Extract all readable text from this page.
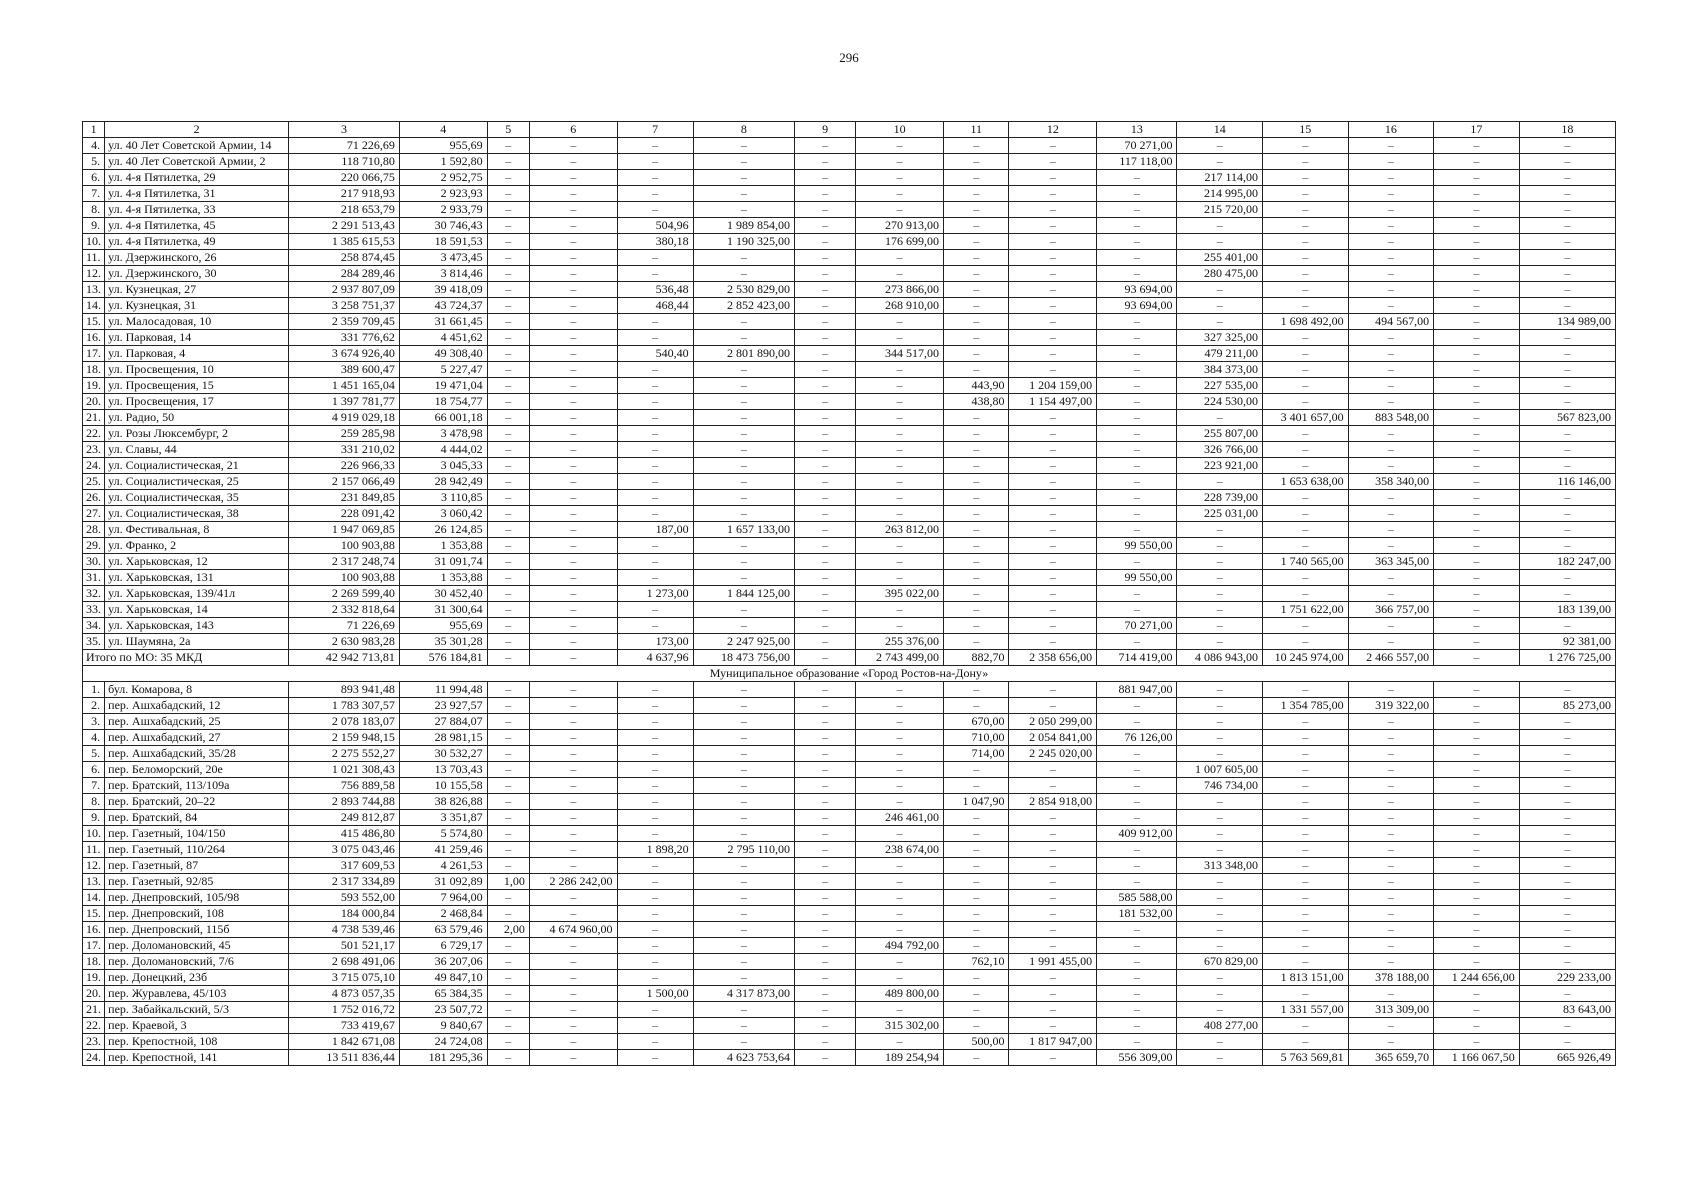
296
1	2	3	4	5	6	7	8	9	10	11	12	13	14	15	16	17	18
4.	ул. 40 Лет Советской Армии, 14	71 226,69	955,69	–	–	–	–	–	–	–	–	70 271,00	–	–	–	–	–
5.	ул. 40 Лет Советской Армии, 2	118 710,80	1 592,80	–	–	–	–	–	–	–	–	117 118,00	–	–	–	–	–
6.	ул. 4-я Пятилетка, 29	220 066,75	2 952,75	–	–	–	–	–	–	–	–	–	217 114,00	–	–	–	–
7.	ул. 4-я Пятилетка, 31	217 918,93	2 923,93	–	–	–	–	–	–	–	–	–	214 995,00	–	–	–	–
8.	ул. 4-я Пятилетка, 33	218 653,79	2 933,79	–	–	–	–	–	–	–	–	–	215 720,00	–	–	–	–
9.	ул. 4-я Пятилетка, 45	2 291 513,43	30 746,43	–	–	504,96	1 989 854,00	–	270 913,00	–	–	–	–	–	–	–	–
10.	ул. 4-я Пятилетка, 49	1 385 615,53	18 591,53	–	–	380,18	1 190 325,00	–	176 699,00	–	–	–	–	–	–	–	–
11.	ул. Дзержинского, 26	258 874,45	3 473,45	–	–	–	–	–	–	–	–	–	255 401,00	–	–	–	–
12.	ул. Дзержинского, 30	284 289,46	3 814,46	–	–	–	–	–	–	–	–	–	280 475,00	–	–	–	–
13.	ул. Кузнецкая, 27	2 937 807,09	39 418,09	–	–	536,48	2 530 829,00	–	273 866,00	–	–	93 694,00	–	–	–	–	–
14.	ул. Кузнецкая, 31	3 258 751,37	43 724,37	–	–	468,44	2 852 423,00	–	268 910,00	–	–	93 694,00	–	–	–	–	–
15.	ул. Малосадовая, 10	2 359 709,45	31 661,45	–	–	–	–	–	–	–	–	–	–	1 698 492,00	494 567,00	–	134 989,00
16.	ул. Парковая, 14	331 776,62	4 451,62	–	–	–	–	–	–	–	–	–	327 325,00	–	–	–	–
17.	ул. Парковая, 4	3 674 926,40	49 308,40	–	–	540,40	2 801 890,00	–	344 517,00	–	–	–	479 211,00	–	–	–	–
18.	ул. Просвещения, 10	389 600,47	5 227,47	–	–	–	–	–	–	–	–	–	384 373,00	–	–	–	–
19.	ул. Просвещения, 15	1 451 165,04	19 471,04	–	–	–	–	–	–	443,90	1 204 159,00	–	227 535,00	–	–	–	–
20.	ул. Просвещения, 17	1 397 781,77	18 754,77	–	–	–	–	–	–	438,80	1 154 497,00	–	224 530,00	–	–	–	–
21.	ул. Радио, 50	4 919 029,18	66 001,18	–	–	–	–	–	–	–	–	–	–	3 401 657,00	883 548,00	–	567 823,00
22.	ул. Розы Люксембург, 2	259 285,98	3 478,98	–	–	–	–	–	–	–	–	–	255 807,00	–	–	–	–
23.	ул. Славы, 44	331 210,02	4 444,02	–	–	–	–	–	–	–	–	–	326 766,00	–	–	–	–
24.	ул. Социалистическая, 21	226 966,33	3 045,33	–	–	–	–	–	–	–	–	–	223 921,00	–	–	–	–
25.	ул. Социалистическая, 25	2 157 066,49	28 942,49	–	–	–	–	–	–	–	–	–	–	1 653 638,00	358 340,00	–	116 146,00
26.	ул. Социалистическая, 35	231 849,85	3 110,85	–	–	–	–	–	–	–	–	–	228 739,00	–	–	–	–
27.	ул. Социалистическая, 38	228 091,42	3 060,42	–	–	–	–	–	–	–	–	–	225 031,00	–	–	–	–
28.	ул. Фестивальная, 8	1 947 069,85	26 124,85	–	–	187,00	1 657 133,00	–	263 812,00	–	–	–	–	–	–	–	–
29.	ул. Франко, 2	100 903,88	1 353,88	–	–	–	–	–	–	–	–	99 550,00	–	–	–	–	–
30.	ул. Харьковская, 12	2 317 248,74	31 091,74	–	–	–	–	–	–	–	–	–	–	1 740 565,00	363 345,00	–	182 247,00
31.	ул. Харьковская, 131	100 903,88	1 353,88	–	–	–	–	–	–	–	–	99 550,00	–	–	–	–	–
32.	ул. Харьковская, 139/41л	2 269 599,40	30 452,40	–	–	1 273,00	1 844 125,00	–	395 022,00	–	–	–	–	–	–	–	–
33.	ул. Харьковская, 14	2 332 818,64	31 300,64	–	–	–	–	–	–	–	–	–	–	1 751 622,00	366 757,00	–	183 139,00
34.	ул. Харьковская, 143	71 226,69	955,69	–	–	–	–	–	–	–	–	70 271,00	–	–	–	–	–
35.	ул. Шаумяна, 2а	2 630 983,28	35 301,28	–	–	173,00	2 247 925,00	–	255 376,00	–	–	–	–	–	–	–	92 381,00
Итого по МО: 35 МКД		42 942 713,81	576 184,81	–	–	4 637,96	18 473 756,00	–	2 743 499,00	882,70	2 358 656,00	714 419,00	4 086 943,00	10 245 974,00	2 466 557,00	–	1 276 725,00
Муниципальное образование «Город Ростов-на-Дону»																	
1.	бул. Комарова, 8	893 941,48	11 994,48	–	–	–	–	–	–	–	–	881 947,00	–	–	–	–	–
2.	пер. Ашхабадский, 12	1 783 307,57	23 927,57	–	–	–	–	–	–	–	–	–	–	1 354 785,00	319 322,00	–	85 273,00
3.	пер. Ашхабадский, 25	2 078 183,07	27 884,07	–	–	–	–	–	–	670,00	2 050 299,00	–	–	–	–	–	–
4.	пер. Ашхабадский, 27	2 159 948,15	28 981,15	–	–	–	–	–	–	710,00	2 054 841,00	76 126,00	–	–	–	–	–
5.	пер. Ашхабадский, 35/28	2 275 552,27	30 532,27	–	–	–	–	–	–	714,00	2 245 020,00	–	–	–	–	–	–
6.	пер. Беломорский, 20е	1 021 308,43	13 703,43	–	–	–	–	–	–	–	–	–	1 007 605,00	–	–	–	–
7.	пер. Братский, 113/109а	756 889,58	10 155,58	–	–	–	–	–	–	–	–	–	746 734,00	–	–	–	–
8.	пер. Братский, 20–22	2 893 744,88	38 826,88	–	–	–	–	–	–	1 047,90	2 854 918,00	–	–	–	–	–	–
9.	пер. Братский, 84	249 812,87	3 351,87	–	–	–	–	–	246 461,00	–	–	–	–	–	–	–	–
10.	пер. Газетный, 104/150	415 486,80	5 574,80	–	–	–	–	–	–	–	–	409 912,00	–	–	–	–	–
11.	пер. Газетный, 110/264	3 075 043,46	41 259,46	–	–	1 898,20	2 795 110,00	–	238 674,00	–	–	–	–	–	–	–	–
12.	пер. Газетный, 87	317 609,53	4 261,53	–	–	–	–	–	–	–	–	–	313 348,00	–	–	–	–
13.	пер. Газетный, 92/85	2 317 334,89	31 092,89	1,00	2 286 242,00	–	–	–	–	–	–	–	–	–	–	–	–
14.	пер. Днепровский, 105/98	593 552,00	7 964,00	–	–	–	–	–	–	–	–	585 588,00	–	–	–	–	–
15.	пер. Днепровский, 108	184 000,84	2 468,84	–	–	–	–	–	–	–	–	181 532,00	–	–	–	–	–
16.	пер. Днепровский, 115б	4 738 539,46	63 579,46	2,00	4 674 960,00	–	–	–	–	–	–	–	–	–	–	–	–
17.	пер. Доломановский, 45	501 521,17	6 729,17	–	–	–	–	–	494 792,00	–	–	–	–	–	–	–	–
18.	пер. Доломановский, 7/6	2 698 491,06	36 207,06	–	–	–	–	–	–	762,10	1 991 455,00	–	670 829,00	–	–	–	–
19.	пер. Донецкий, 23б	3 715 075,10	49 847,10	–	–	–	–	–	–	–	–	–	–	1 813 151,00	378 188,00	1 244 656,00	229 233,00
20.	пер. Журавлева, 45/103	4 873 057,35	65 384,35	–	–	1 500,00	4 317 873,00	–	489 800,00	–	–	–	–	–	–	–	–
21.	пер. Забайкальский, 5/3	1 752 016,72	23 507,72	–	–	–	–	–	–	–	–	–	–	1 331 557,00	313 309,00	–	83 643,00
22.	пер. Краевой, 3	733 419,67	9 840,67	–	–	–	–	–	315 302,00	–	–	–	408 277,00	–	–	–	–
23.	пер. Крепостной, 108	1 842 671,08	24 724,08	–	–	–	–	–	–	500,00	1 817 947,00	–	–	–	–	–	–
24.	пер. Крепостной, 141	13 511 836,44	181 295,36	–	–	–	4 623 753,64	–	189 254,94	–	–	556 309,00	–	5 763 569,81	365 659,70	1 166 067,50	665 926,49
